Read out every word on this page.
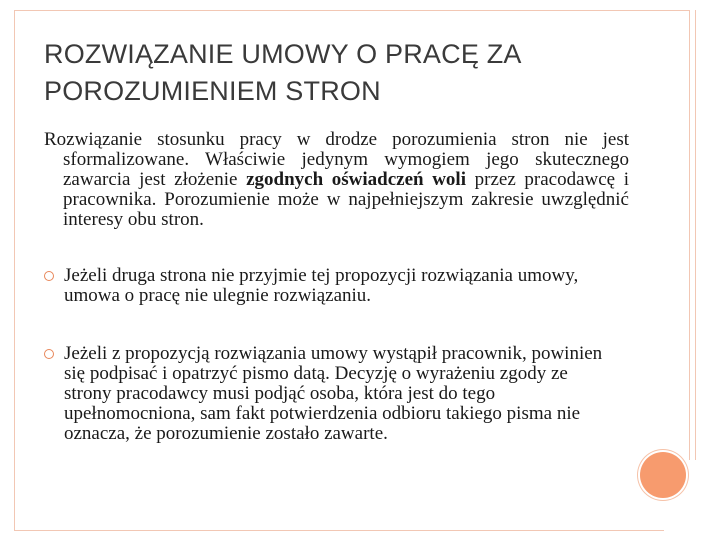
ROZWIĄZANIE UMOWY O PRACĘ ZA POROZUMIENIEM STRON

Rozwiązanie stosunku pracy w drodze porozumienia stron nie jest sformalizowane. Właściwie jedynym wymogiem jego skutecznego zawarcia jest złożenie zgodnych oświadczeń woli przez pracodawcę i pracownika. Porozumienie może w najpełniejszym zakresie uwzględnić interesy obu stron.

Jeżeli druga strona nie przyjmie tej propozycji rozwiązania umowy, umowa o pracę nie ulegnie rozwiązaniu.
Jeżeli z propozycją rozwiązania umowy wystąpił pracownik, powinien się podpisać i opatrzyć pismo datą. Decyzję o wyrażeniu zgody ze strony pracodawcy musi podjąć osoba, która jest do tego upełnomocniona, sam fakt potwierdzenia odbioru takiego pisma nie oznacza, że porozumienie zostało zawarte.
